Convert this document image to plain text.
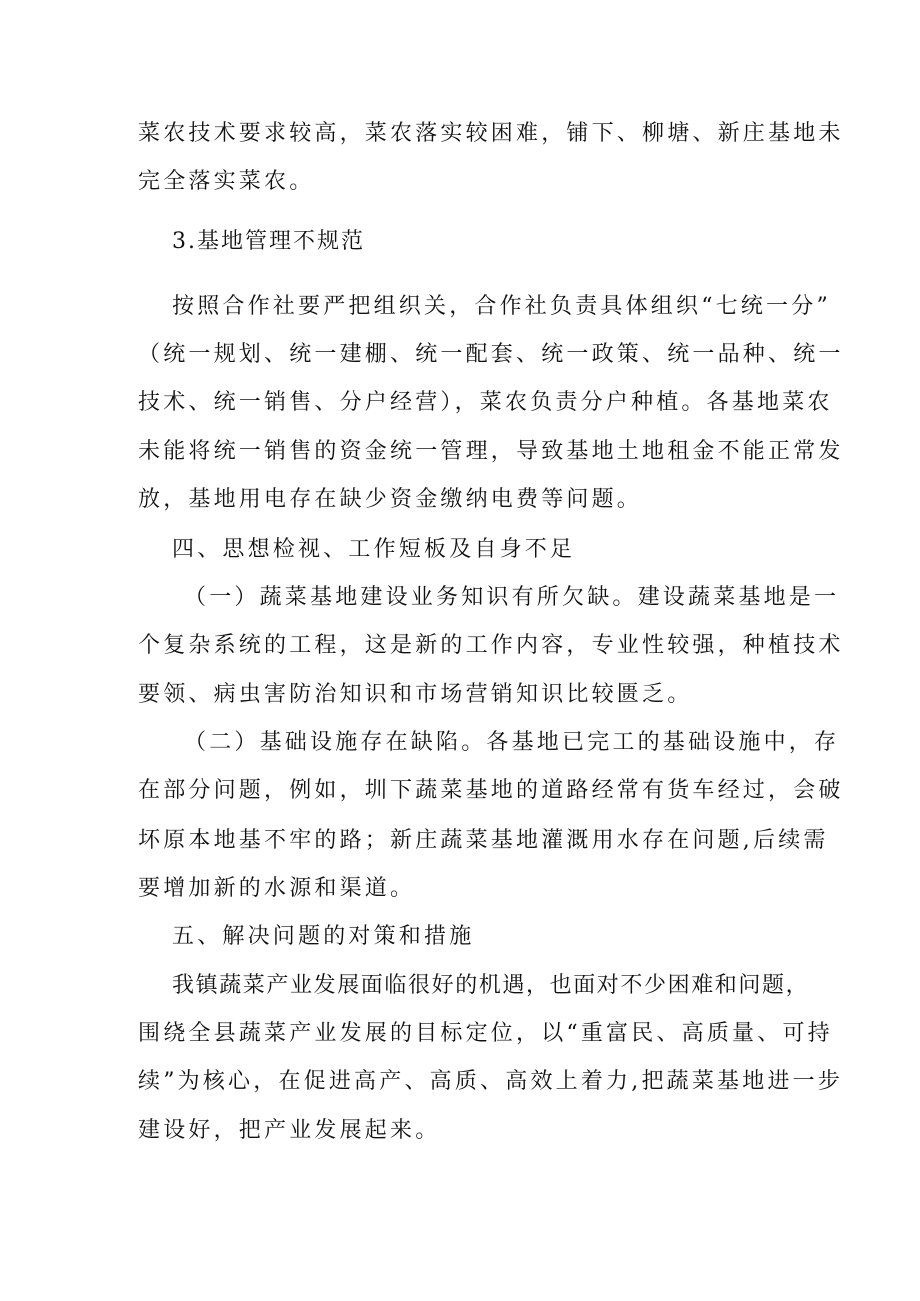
菜农技术要求较高，菜农落实较困难，铺下、柳塘、新庄基地未
完全落实菜农。
3.基地管理不规范
按照合作社要严把组织关，合作社负责具体组织“七统一分”
（统一规划、统一建棚、统一配套、统一政策、统一品种、统一
技术、统一销售、分户经营），菜农负责分户种植。各基地菜农
未能将统一销售的资金统一管理，导致基地土地租金不能正常发
放，基地用电存在缺少资金缴纳电费等问题。
四、思想检视、工作短板及自身不足
（一）蔬菜基地建设业务知识有所欠缺。建设蔬菜基地是一
个复杂系统的工程，这是新的工作内容，专业性较强，种植技术
要领、病虫害防治知识和市场营销知识比较匮乏。
（二）基础设施存在缺陷。各基地已完工的基础设施中，存
在部分问题，例如，圳下蔬菜基地的道路经常有货车经过，会破
坏原本地基不牢的路；新庄蔬菜基地灌溉用水存在问题,后续需
要增加新的水源和渠道。
五、解决问题的对策和措施
我镇蔬菜产业发展面临很好的机遇，也面对不少困难和问题，
围绕全县蔬菜产业发展的目标定位，以“重富民、高质量、可持
续”为核心，在促进高产、高质、高效上着力,把蔬菜基地进一步
建设好，把产业发展起来。
